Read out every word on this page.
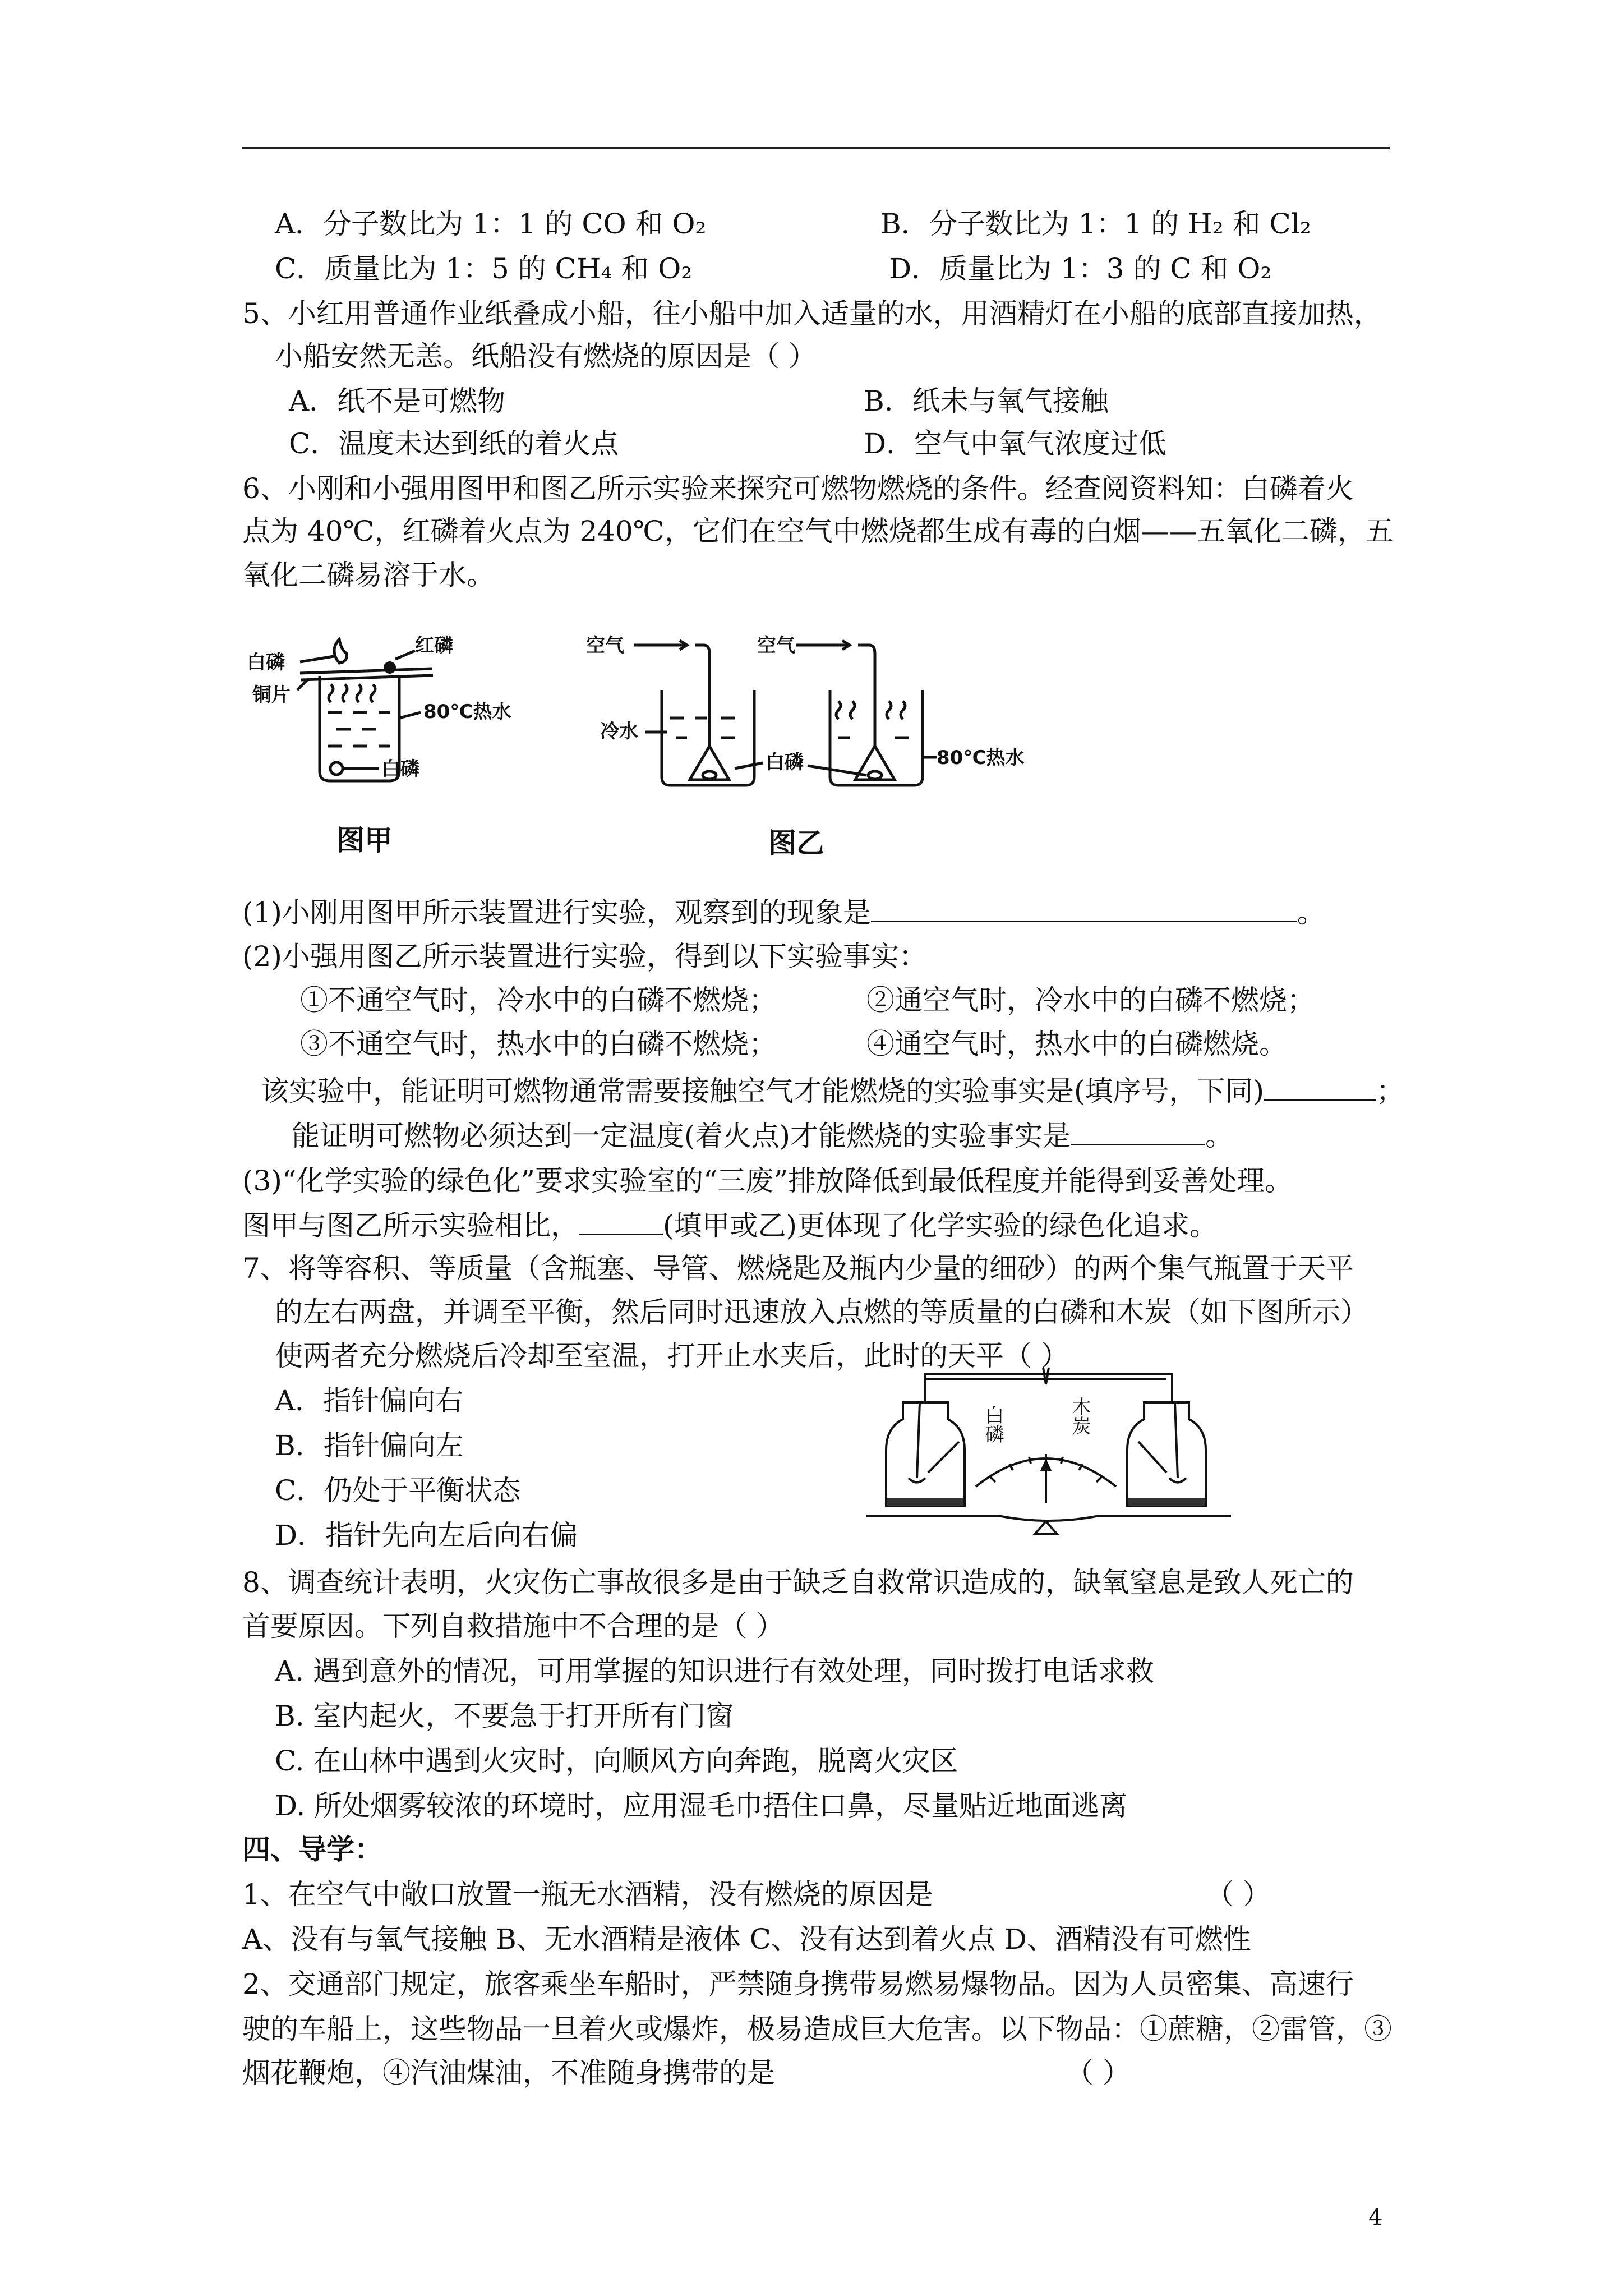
A．分子数比为 1：1 的 CO 和 O₂	B．分子数比为 1：1 的 H₂ 和 Cl₂
C．质量比为 1：5 的 CH₄ 和 O₂	D．质量比为 1：3 的 C 和 O₂
5、小红用普通作业纸叠成小船，往小船中加入适量的水，用酒精灯在小船的底部直接加热，
小船安然无恙。纸船没有燃烧的原因是（ ）
A．纸不是可燃物	B．纸未与氧气接触
C．温度未达到纸的着火点	D．空气中氧气浓度过低
6、小刚和小强用图甲和图乙所示实验来探究可燃物燃烧的条件。经查阅资料知：白磷着火
点为 40℃，红磷着火点为 240℃，它们在空气中燃烧都生成有毒的白烟——五氧化二磷，五
氧化二磷易溶于水。
白磷
红磷
铜片
80℃热水
白磷
图甲
空气	空气
冷水
白磷	80℃热水
图乙
(1)小刚用图甲所示装置进行实验，观察到的现象是	。
(2)小强用图乙所示装置进行实验，得到以下实验事实：
①不通空气时，冷水中的白磷不燃烧；	②通空气时，冷水中的白磷不燃烧；
③不通空气时，热水中的白磷不燃烧；	④通空气时，热水中的白磷燃烧。
该实验中，能证明可燃物通常需要接触空气才能燃烧的实验事实是(填序号，下同)	；
能证明可燃物必须达到一定温度(着火点)才能燃烧的实验事实是	。
(3)“化学实验的绿色化”要求实验室的“三废”排放降低到最低程度并能得到妥善处理。
图甲与图乙所示实验相比，	(填甲或乙)更体现了化学实验的绿色化追求。
7、将等容积、等质量（含瓶塞、导管、燃烧匙及瓶内少量的细砂）的两个集气瓶置于天平
的左右两盘，并调至平衡，然后同时迅速放入点燃的等质量的白磷和木炭（如下图所示）
使两者充分燃烧后冷却至室温，打开止水夹后，此时的天平（ ）
A．指针偏向右
B．指针偏向左
C．仍处于平衡状态
D．指针先向左后向右偏
白磷	木炭
8、调查统计表明，火灾伤亡事故很多是由于缺乏自救常识造成的，缺氧窒息是致人死亡的
首要原因。下列自救措施中不合理的是（ ）
A. 遇到意外的情况，可用掌握的知识进行有效处理，同时拨打电话求救
B. 室内起火，不要急于打开所有门窗
C. 在山林中遇到火灾时，向顺风方向奔跑，脱离火灾区
D. 所处烟雾较浓的环境时，应用湿毛巾捂住口鼻，尽量贴近地面逃离
四、导学：
1、在空气中敞口放置一瓶无水酒精，没有燃烧的原因是	（ ）
A、没有与氧气接触 B、无水酒精是液体 C、没有达到着火点 D、酒精没有可燃性
2、交通部门规定，旅客乘坐车船时，严禁随身携带易燃易爆物品。因为人员密集、高速行
驶的车船上，这些物品一旦着火或爆炸，极易造成巨大危害。以下物品：①蔗糖，②雷管，③
烟花鞭炮，④汽油煤油，不准随身携带的是	（ ）
4
